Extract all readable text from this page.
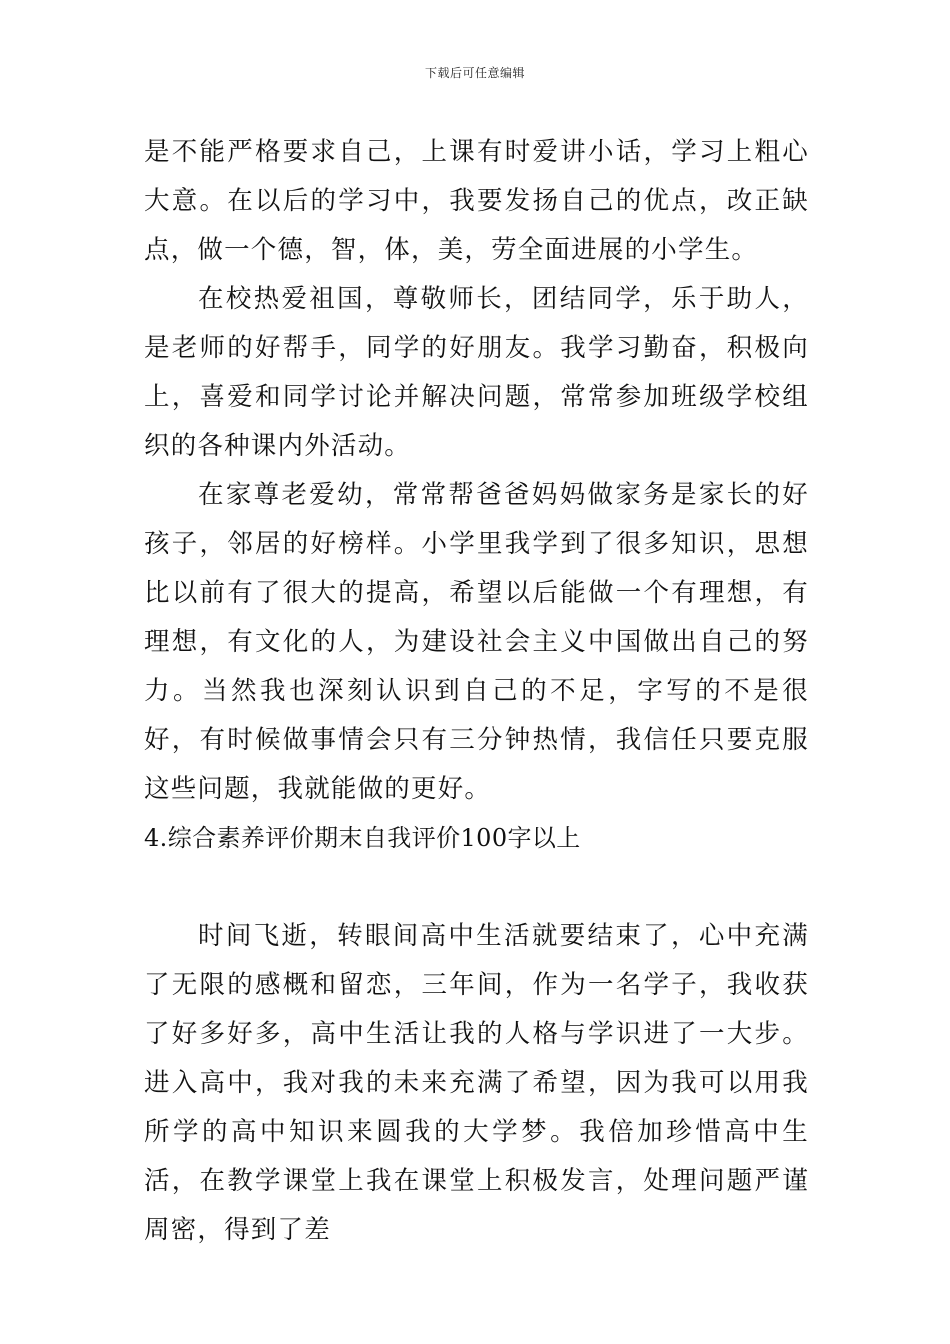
下载后可任意编辑

是不能严格要求自己，上课有时爱讲小话，学习上粗心大意。在以后的学习中，我要发扬自己的优点，改正缺点，做一个德，智，体，美，劳全面进展的小学生。

在校热爱祖国，尊敬师长，团结同学，乐于助人，是老师的好帮手，同学的好朋友。我学习勤奋，积极向上，喜爱和同学讨论并解决问题，常常参加班级学校组织的各种课内外活动。

在家尊老爱幼，常常帮爸爸妈妈做家务是家长的好孩子，邻居的好榜样。小学里我学到了很多知识，思想比以前有了很大的提高，希望以后能做一个有理想，有理想，有文化的人，为建设社会主义中国做出自己的努力。当然我也深刻认识到自己的不足，字写的不是很好，有时候做事情会只有三分钟热情，我信任只要克服这些问题，我就能做的更好。

4.综合素养评价期末自我评价100字以上

时间飞逝，转眼间高中生活就要结束了，心中充满了无限的感概和留恋，三年间，作为一名学子，我收获了好多好多，高中生活让我的人格与学识进了一大步。进入高中，我对我的未来充满了希望，因为我可以用我所学的高中知识来圆我的大学梦。我倍加珍惜高中生活，在教学课堂上我在课堂上积极发言，处理问题严谨周密，得到了差
